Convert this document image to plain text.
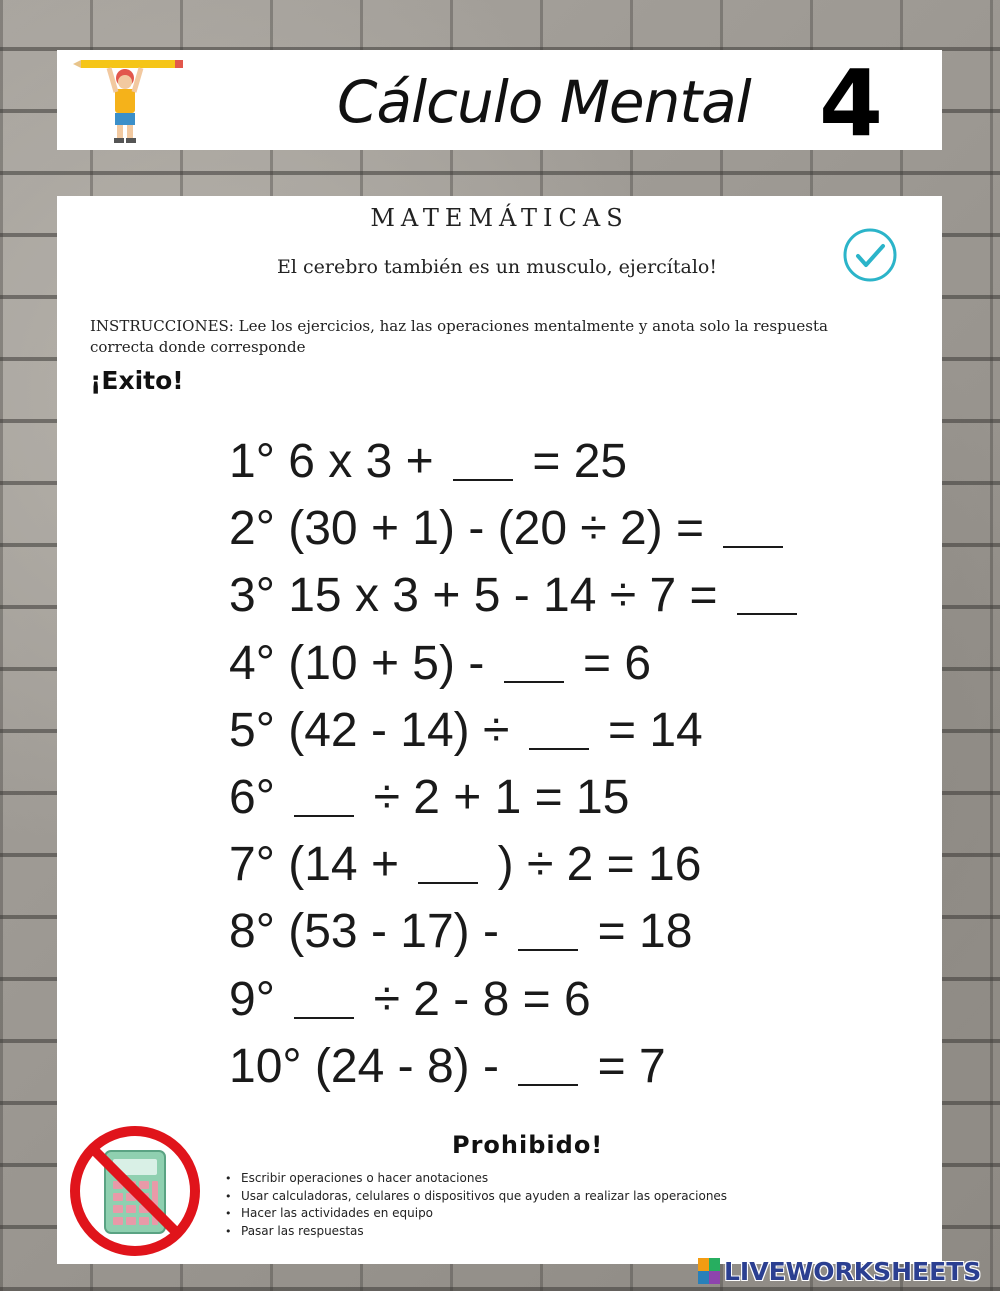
Cálculo Mental 4
MATEMÁTICAS
El cerebro también es un musculo, ejercítalo!
INSTRUCCIONES: Lee los ejercicios, haz las operaciones mentalmente y anota solo la respuesta correcta donde corresponde
¡Exito!
1° 6 x 3 +  = 25
2° (30 + 1) - (20 ÷ 2) =
3° 15 x 3 + 5 - 14 ÷ 7 =
4° (10 + 5) -  = 6
5° (42 - 14) ÷  = 14
6°  ÷ 2 + 1 = 15
7° (14 +  ) ÷ 2 = 16
8° (53 - 17) -  = 18
9°  ÷ 2 - 8 = 6
10° (24 - 8) -  = 7
Prohibido!
• Escribir operaciones o hacer anotaciones
• Usar calculadoras, celulares o dispositivos que ayuden a realizar las operaciones
• Hacer las actividades en equipo
• Pasar las respuestas
LIVEWORKSHEETS
